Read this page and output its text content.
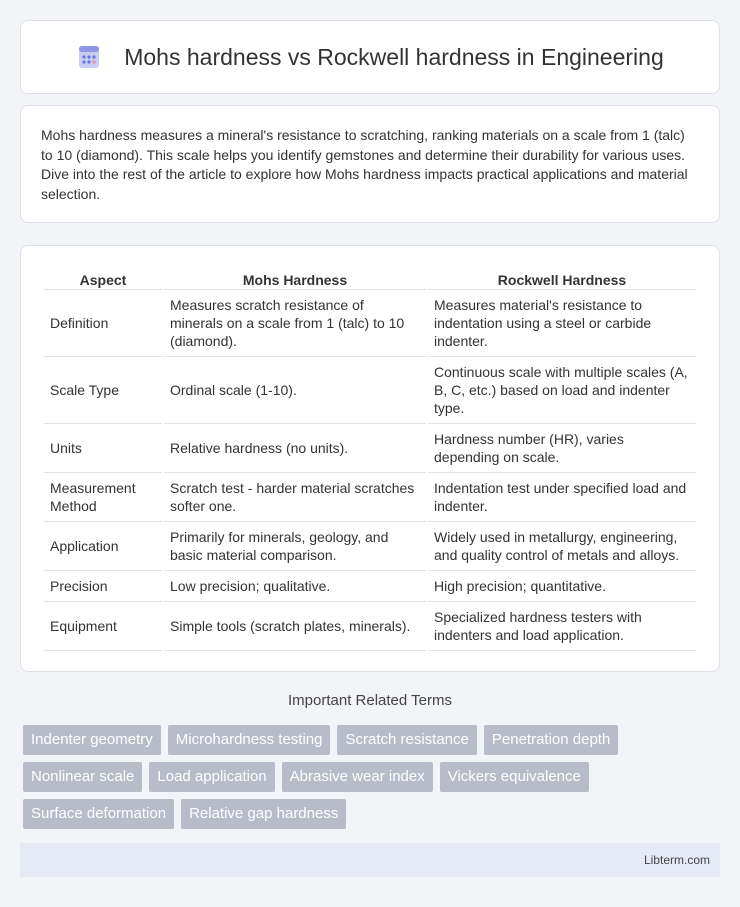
Mohs hardness vs Rockwell hardness in Engineering

Mohs hardness measures a mineral's resistance to scratching, ranking materials on a scale from 1 (talc) to 10 (diamond). This scale helps you identify gemstones and determine their durability for various uses. Dive into the rest of the article to explore how Mohs hardness impacts practical applications and material selection.

Aspect	Mohs Hardness	Rockwell Hardness
Definition	Measures scratch resistance of minerals on a scale from 1 (talc) to 10 (diamond).	Measures material's resistance to indentation using a steel or carbide indenter.
Scale Type	Ordinal scale (1-10).	Continuous scale with multiple scales (A, B, C, etc.) based on load and indenter type.
Units	Relative hardness (no units).	Hardness number (HR), varies depending on scale.
Measurement Method	Scratch test - harder material scratches softer one.	Indentation test under specified load and indenter.
Application	Primarily for minerals, geology, and basic material comparison.	Widely used in metallurgy, engineering, and quality control of metals and alloys.
Precision	Low precision; qualitative.	High precision; quantitative.
Equipment	Simple tools (scratch plates, minerals).	Specialized hardness testers with indenters and load application.
Important Related Terms
Indenter geometry	Microhardness testing	Scratch resistance	Penetration depth
Nonlinear scale	Load application	Abrasive wear index	Vickers equivalence
Surface deformation	Relative gap hardness
Libterm.com
